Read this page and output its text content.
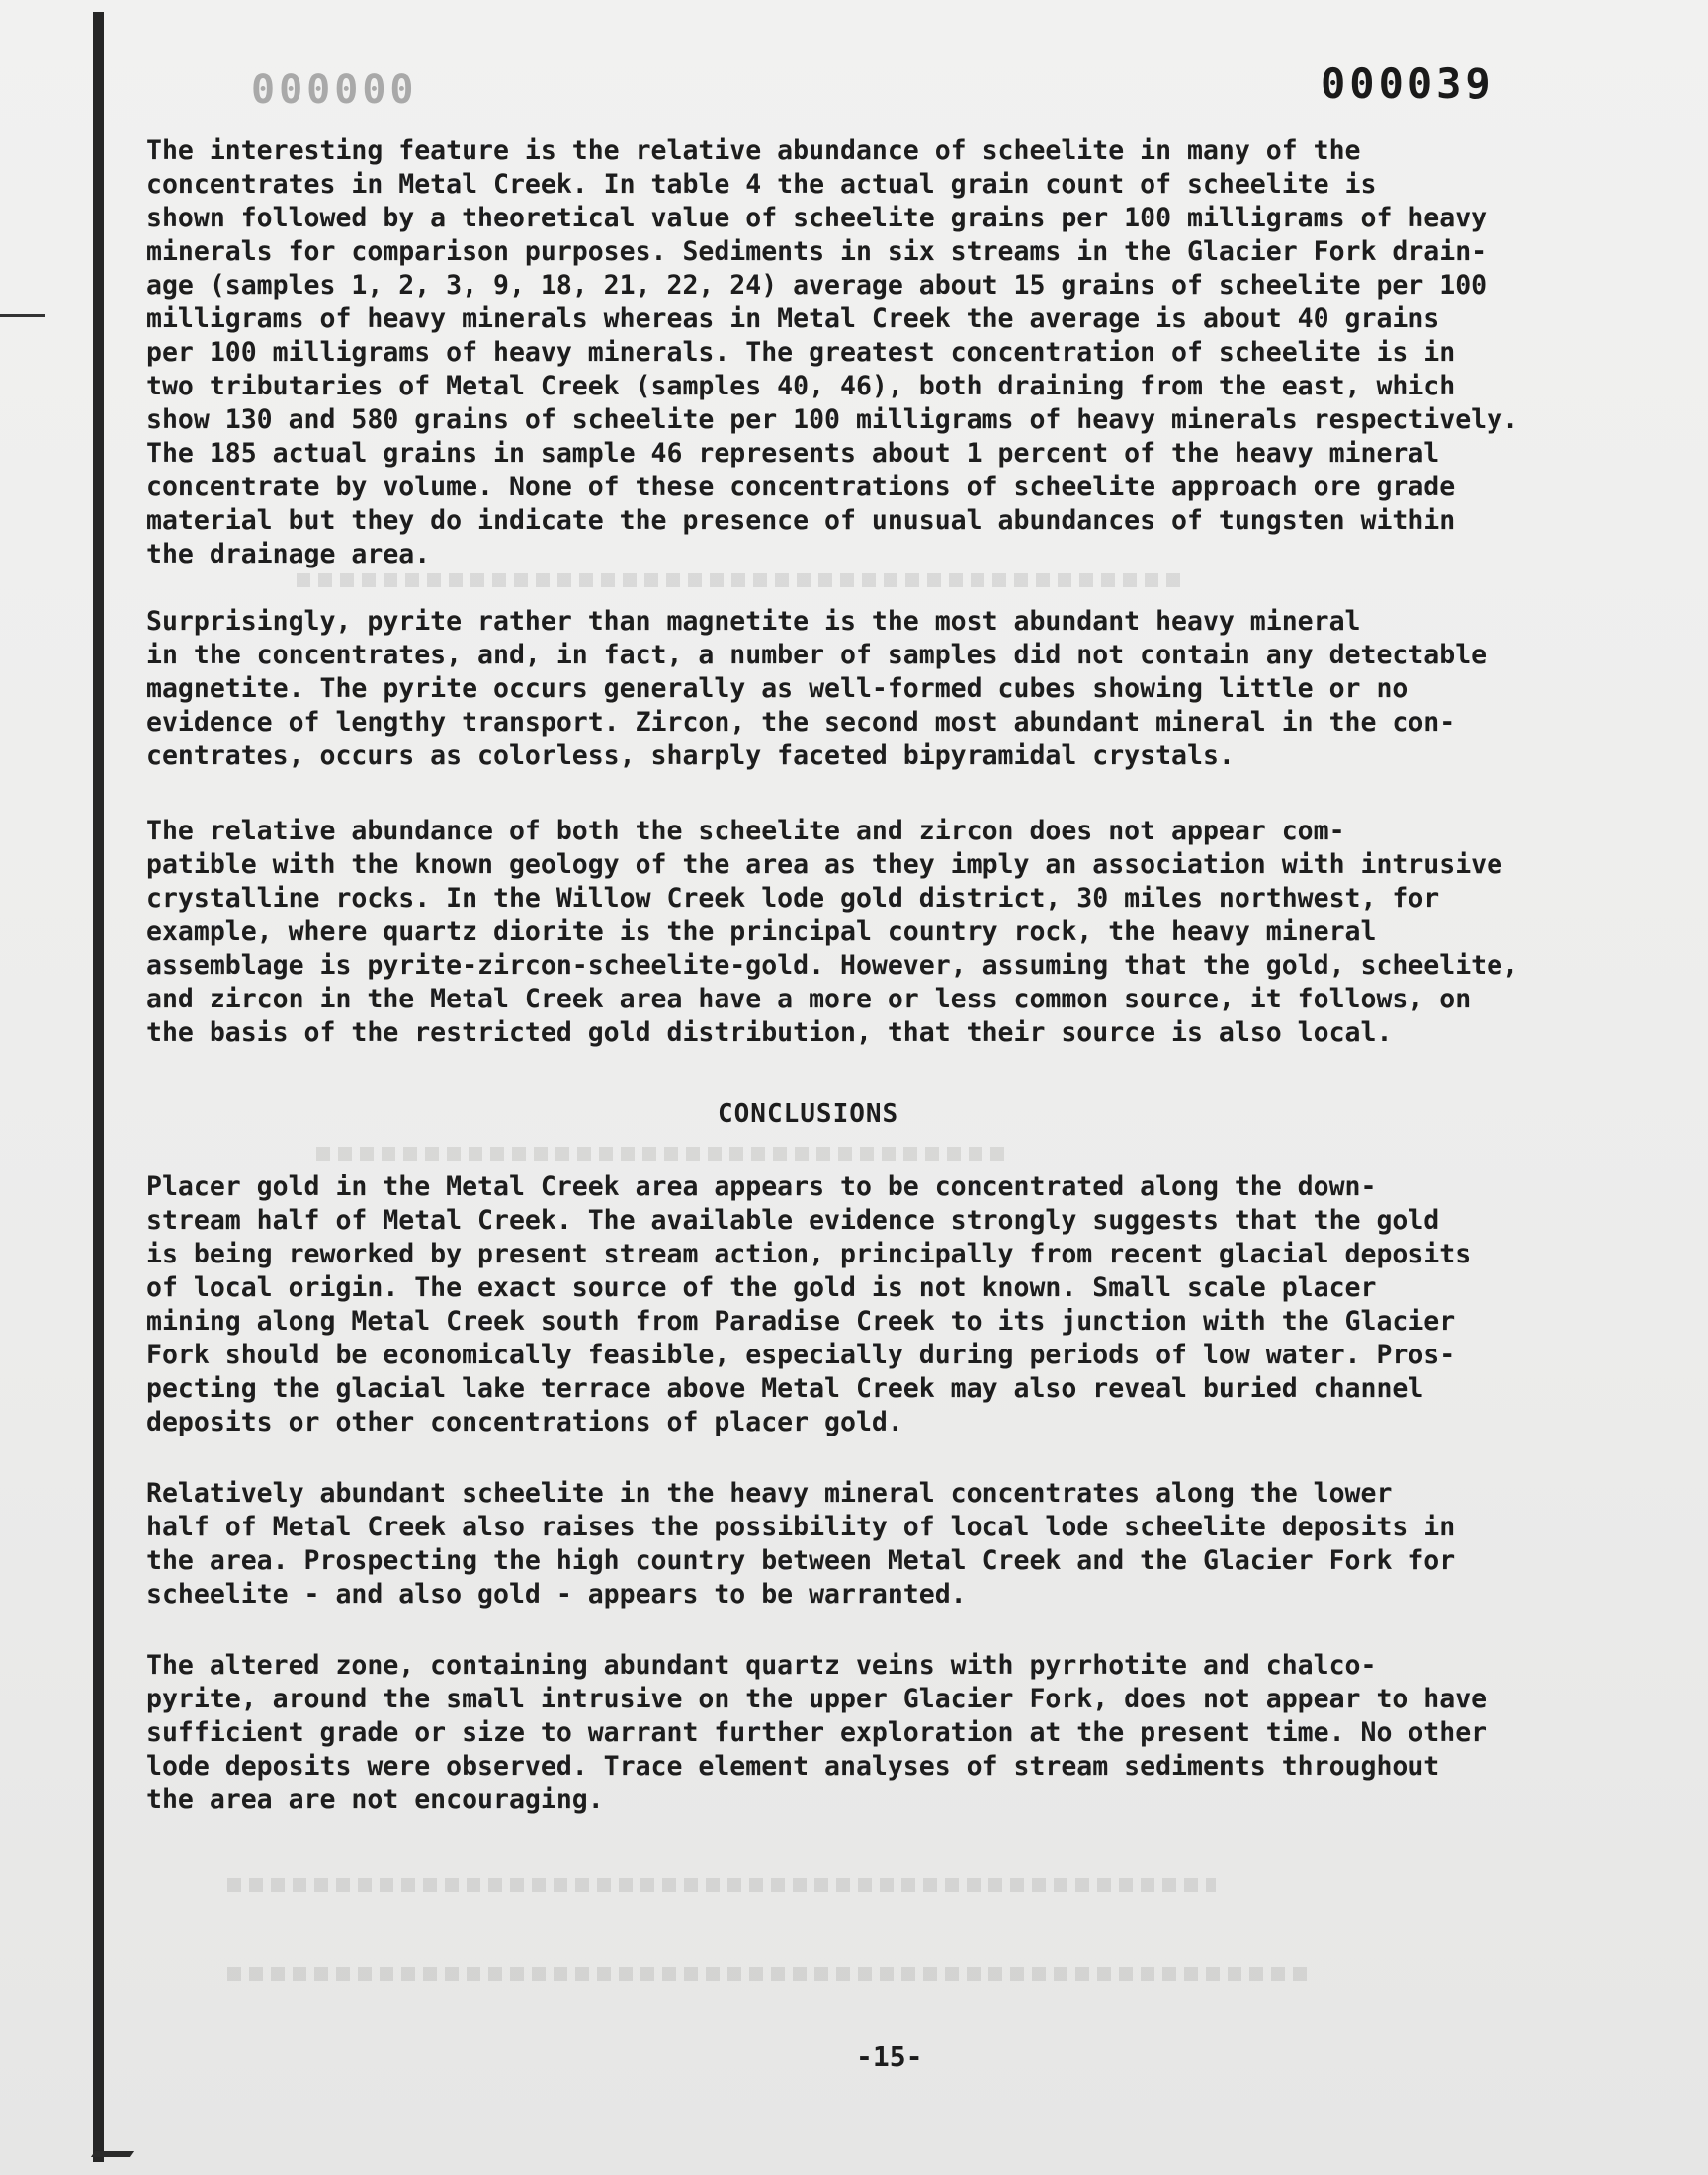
000000	000039
The interesting feature is the relative abundance of scheelite in many of the
concentrates in Metal Creek. In table 4 the actual grain count of scheelite is
shown followed by a theoretical value of scheelite grains per 100 milligrams of heavy
minerals for comparison purposes. Sediments in six streams in the Glacier Fork drain-
age (samples 1, 2, 3, 9, 18, 21, 22, 24) average about 15 grains of scheelite per 100
milligrams of heavy minerals whereas in Metal Creek the average is about 40 grains
per 100 milligrams of heavy minerals. The greatest concentration of scheelite is in
two tributaries of Metal Creek (samples 40, 46), both draining from the east, which
show 130 and 580 grains of scheelite per 100 milligrams of heavy minerals respectively.
The 185 actual grains in sample 46 represents about 1 percent of the heavy mineral
concentrate by volume. None of these concentrations of scheelite approach ore grade
material but they do indicate the presence of unusual abundances of tungsten within
the drainage area.
Surprisingly, pyrite rather than magnetite is the most abundant heavy mineral
in the concentrates, and, in fact, a number of samples did not contain any detectable
magnetite. The pyrite occurs generally as well-formed cubes showing little or no
evidence of lengthy transport. Zircon, the second most abundant mineral in the con-
centrates, occurs as colorless, sharply faceted bipyramidal crystals.
The relative abundance of both the scheelite and zircon does not appear com-
patible with the known geology of the area as they imply an association with intrusive
crystalline rocks. In the Willow Creek lode gold district, 30 miles northwest, for
example, where quartz diorite is the principal country rock, the heavy mineral
assemblage is pyrite-zircon-scheelite-gold. However, assuming that the gold, scheelite,
and zircon in the Metal Creek area have a more or less common source, it follows, on
the basis of the restricted gold distribution, that their source is also local.
CONCLUSIONS
Placer gold in the Metal Creek area appears to be concentrated along the down-
stream half of Metal Creek. The available evidence strongly suggests that the gold
is being reworked by present stream action, principally from recent glacial deposits
of local origin. The exact source of the gold is not known. Small scale placer
mining along Metal Creek south from Paradise Creek to its junction with the Glacier
Fork should be economically feasible, especially during periods of low water. Pros-
pecting the glacial lake terrace above Metal Creek may also reveal buried channel
deposits or other concentrations of placer gold.
Relatively abundant scheelite in the heavy mineral concentrates along the lower
half of Metal Creek also raises the possibility of local lode scheelite deposits in
the area. Prospecting the high country between Metal Creek and the Glacier Fork for
scheelite - and also gold - appears to be warranted.
The altered zone, containing abundant quartz veins with pyrrhotite and chalco-
pyrite, around the small intrusive on the upper Glacier Fork, does not appear to have
sufficient grade or size to warrant further exploration at the present time. No other
lode deposits were observed. Trace element analyses of stream sediments throughout
the area are not encouraging.
-15-
